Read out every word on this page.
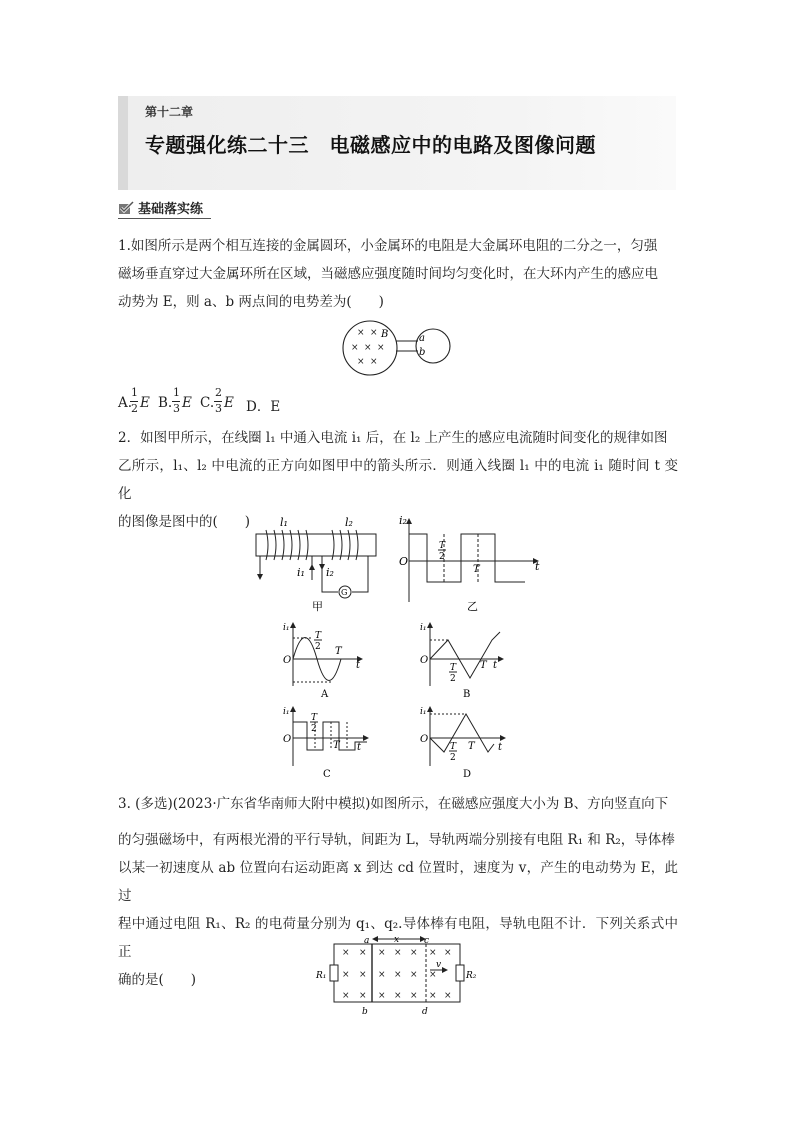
第十二章
专题强化练二十三　电磁感应中的电路及图像问题
基础落实练
1.如图所示是两个相互连接的金属圆环，小金属环的电阻是大金属环电阻的二分之一，匀强
磁场垂直穿过大金属环所在区域，当磁感应强度随时间均匀变化时，在大环内产生的感应电
动势为 E，则 a、b 两点间的电势差为(　　)
× ×
× × ×
× ×
B	a
b
A.
1
2 E B.
1
3 E C.
2
3 E D．E
2．如图甲所示，在线圈 l₁ 中通入电流 i₁ 后，在 l₂ 上产生的感应电流随时间变化的规律如图
乙所示，l₁、l₂ 中电流的正方向如图甲中的箭头所示．则通入线圈 l₁ 中的电流 i₁ 随时间 t 变化
的图像是图中的(　　)
G
l₁	l₂
i₁ i₂
甲
i₂
O	t
T
2
T
乙
i₁
O	t
T
2 T
A
i₁
O	t
T
2
T
B
i₁
O
t
T
2
T
C
i₁
O
t
T
2
T
D
3. (多选)(2023·广东省华南师大附中模拟)如图所示，在磁感应强度大小为 B、方向竖直向下
的匀强磁场中，有两根光滑的平行导轨，间距为 L，导轨两端分别接有电阻 R₁ 和 R₂，导体棒
以某一初速度从 ab 位置向右运动距离 x 到达 cd 位置时，速度为 v，产生的电动势为 E，此过
程中通过电阻 R₁、R₂ 的电荷量分别为 q₁、q₂.导体棒有电阻，导轨电阻不计．下列关系式中正
确的是(　　)
× × × × × × ×
× × × × × ×
× × × × × × ×
a	x	c
v
b	d
R₁	R₂
